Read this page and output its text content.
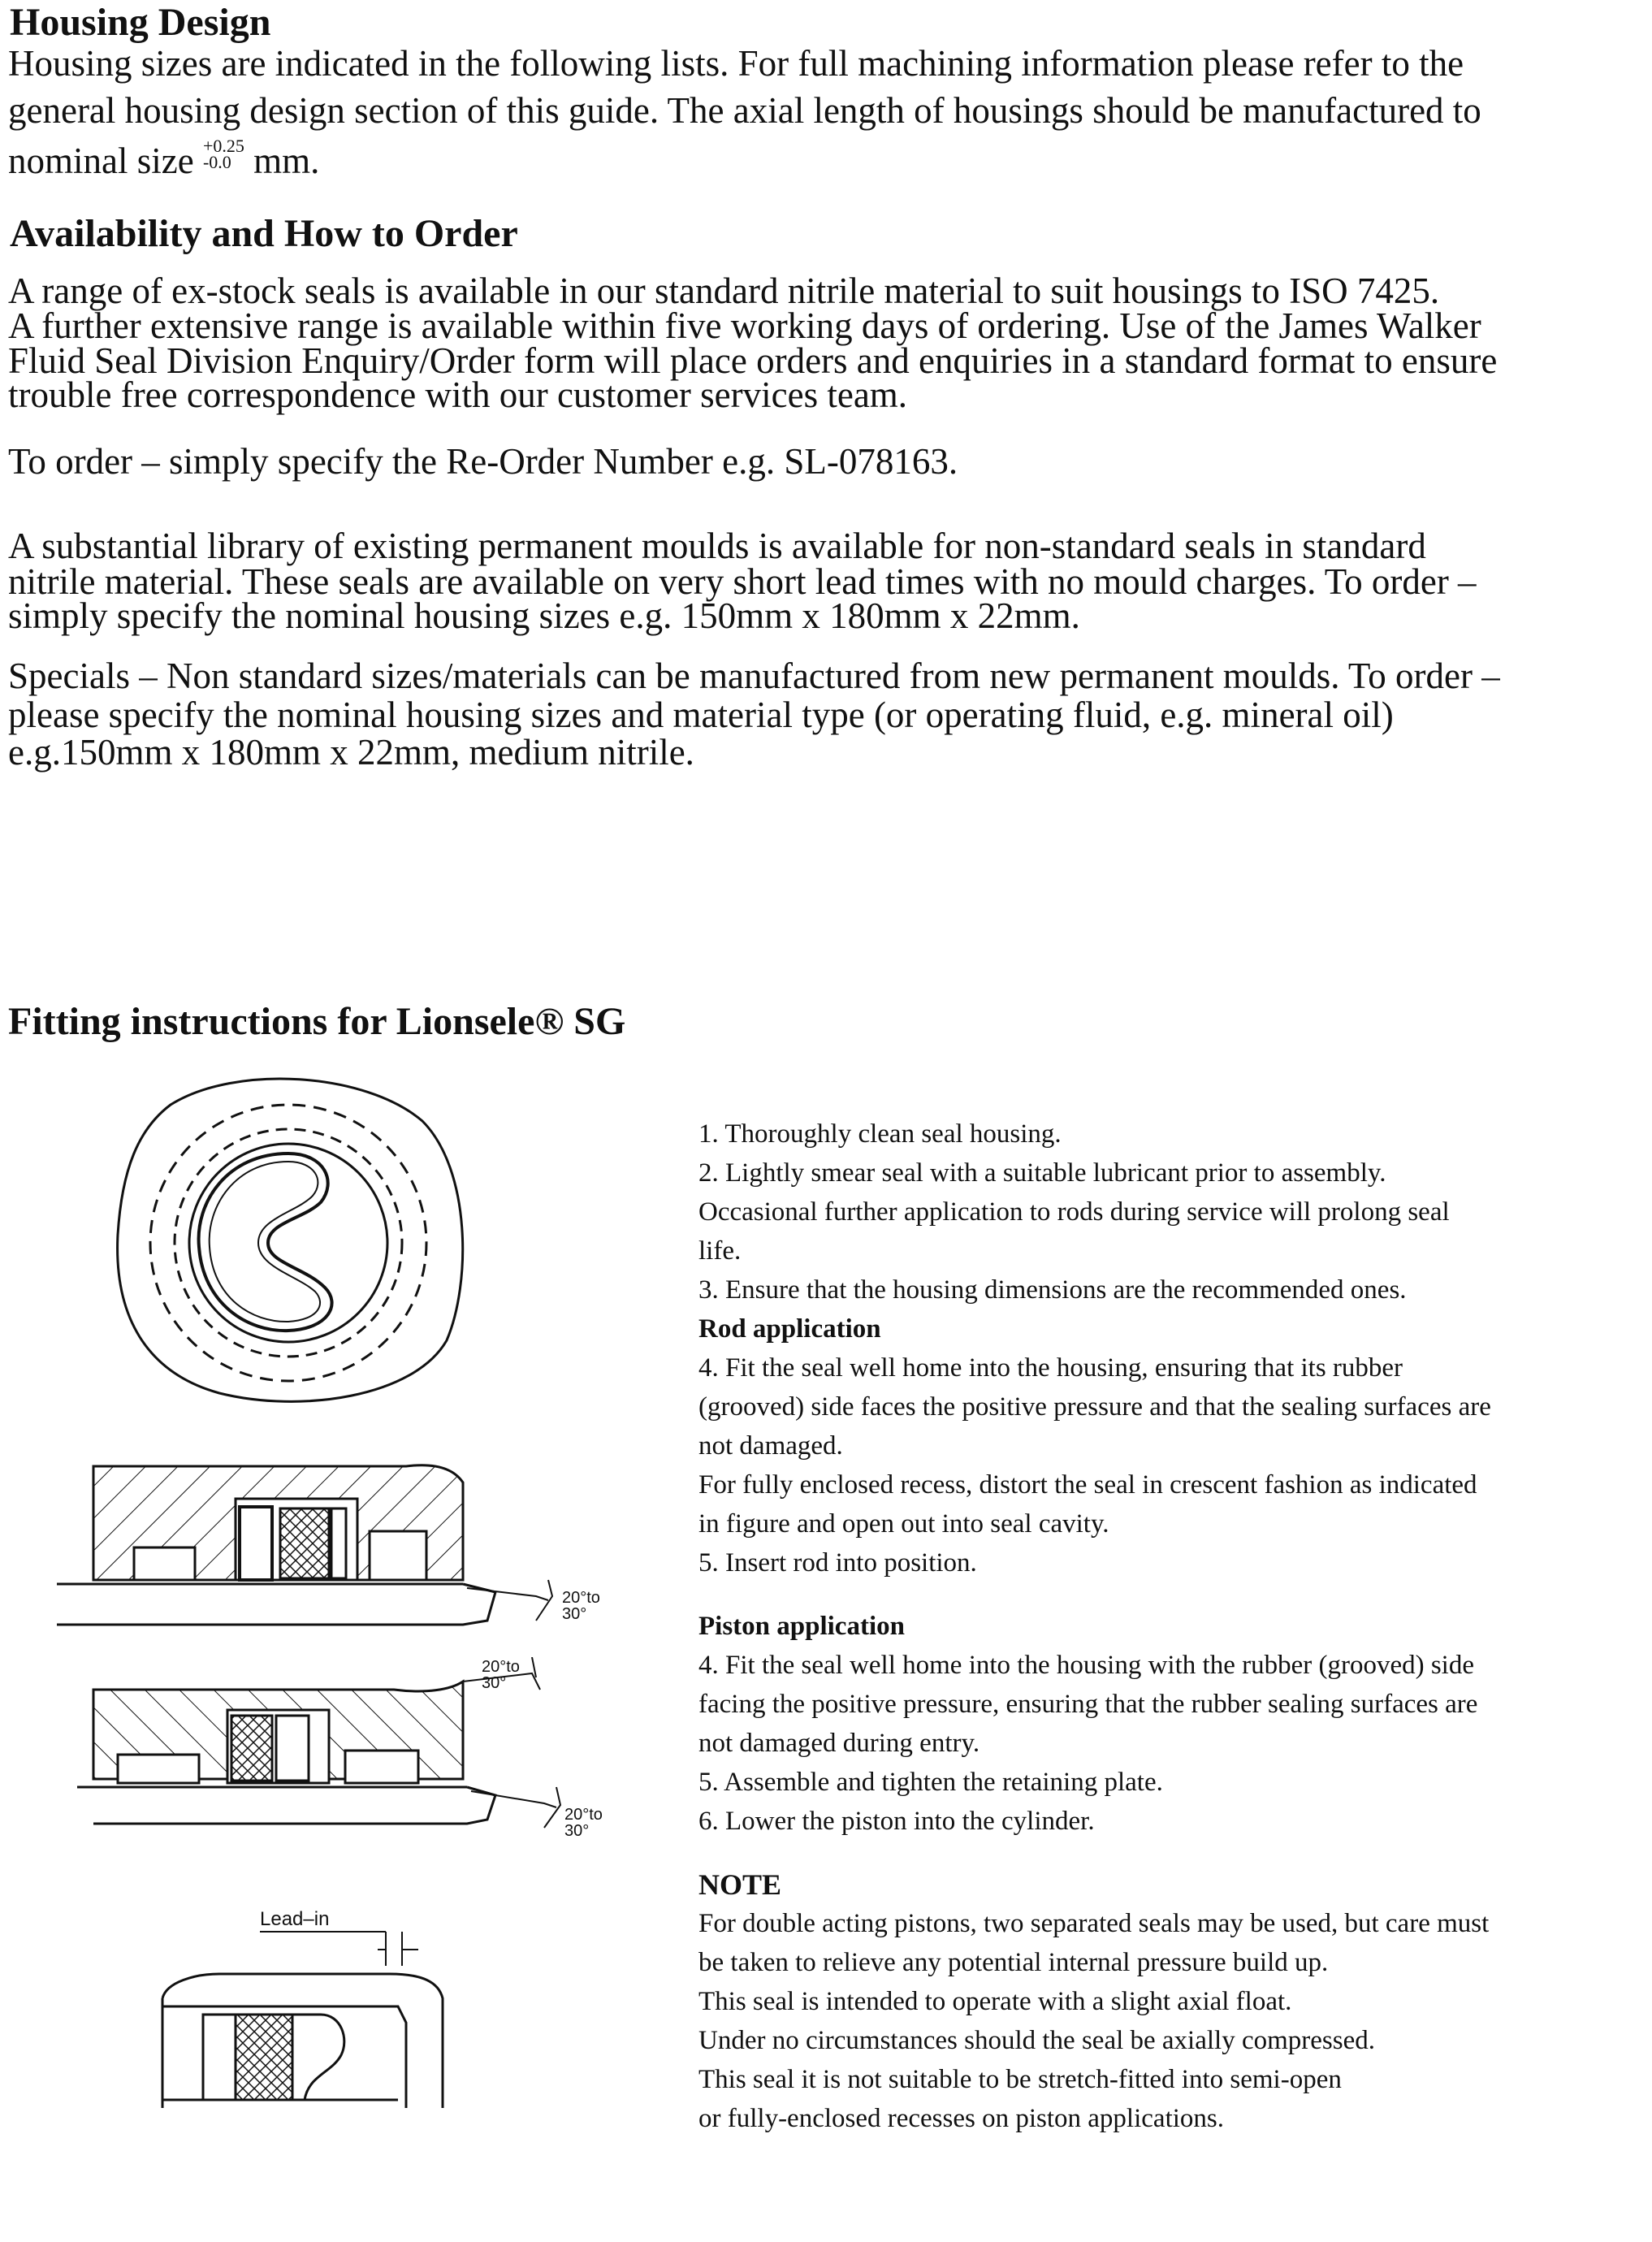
Housing Design

Housing sizes are indicated in the following lists. For full machining information please refer to the

general housing design section of this guide. The axial length of housings should be manufactured to

nominal size +0.25
-0.0 mm.

Availability and How to Order

A range of ex-stock seals is available in our standard nitrile material to suit housings to ISO 7425.

A further extensive range is available within five working days of ordering. Use of the James Walker

Fluid Seal Division Enquiry/Order form will place orders and enquiries in a standard format to ensure

trouble free correspondence with our customer services team.

To order – simply specify the Re-Order Number e.g. SL-078163.

A substantial library of existing permanent moulds is available for non-standard seals in standard

nitrile material. These seals are available on very short lead times with no mould charges. To order –

simply specify the nominal housing sizes e.g. 150mm x 180mm x 22mm.

Specials – Non standard sizes/materials can be manufactured from new permanent moulds. To order –

please specify the nominal housing sizes and material type (or operating fluid, e.g. mineral oil)

e.g.150mm x 180mm x 22mm, medium nitrile.

Fitting instructions for Lionsele® SG

1. Thoroughly clean seal housing.

2. Lightly smear seal with a suitable lubricant prior to assembly.

Occasional further application to rods during service will prolong seal

life.

3. Ensure that the housing dimensions are the recommended ones.

Rod application

4. Fit the seal well home into the housing, ensuring that its rubber

(grooved) side faces the positive pressure and that the sealing surfaces are

not damaged.

For fully enclosed recess, distort the seal in crescent fashion as indicated

in figure and open out into seal cavity.

5. Insert rod into position.

Piston application

4. Fit the seal well home into the housing with the rubber (grooved) side

facing the positive pressure, ensuring that the rubber sealing surfaces are

not damaged during entry.

5. Assemble and tighten the retaining plate.

6. Lower the piston into the cylinder.

NOTE

For double acting pistons, two separated seals may be used, but care must

be taken to relieve any potential internal pressure build up.

This seal is intended to operate with a slight axial float.

Under no circumstances should the seal be axially compressed.

This seal it is not suitable to be stretch-fitted into semi-open

or fully-enclosed recesses on piston applications.

20°to
30°
20°to
30°
20°to
30°
Lead–in
